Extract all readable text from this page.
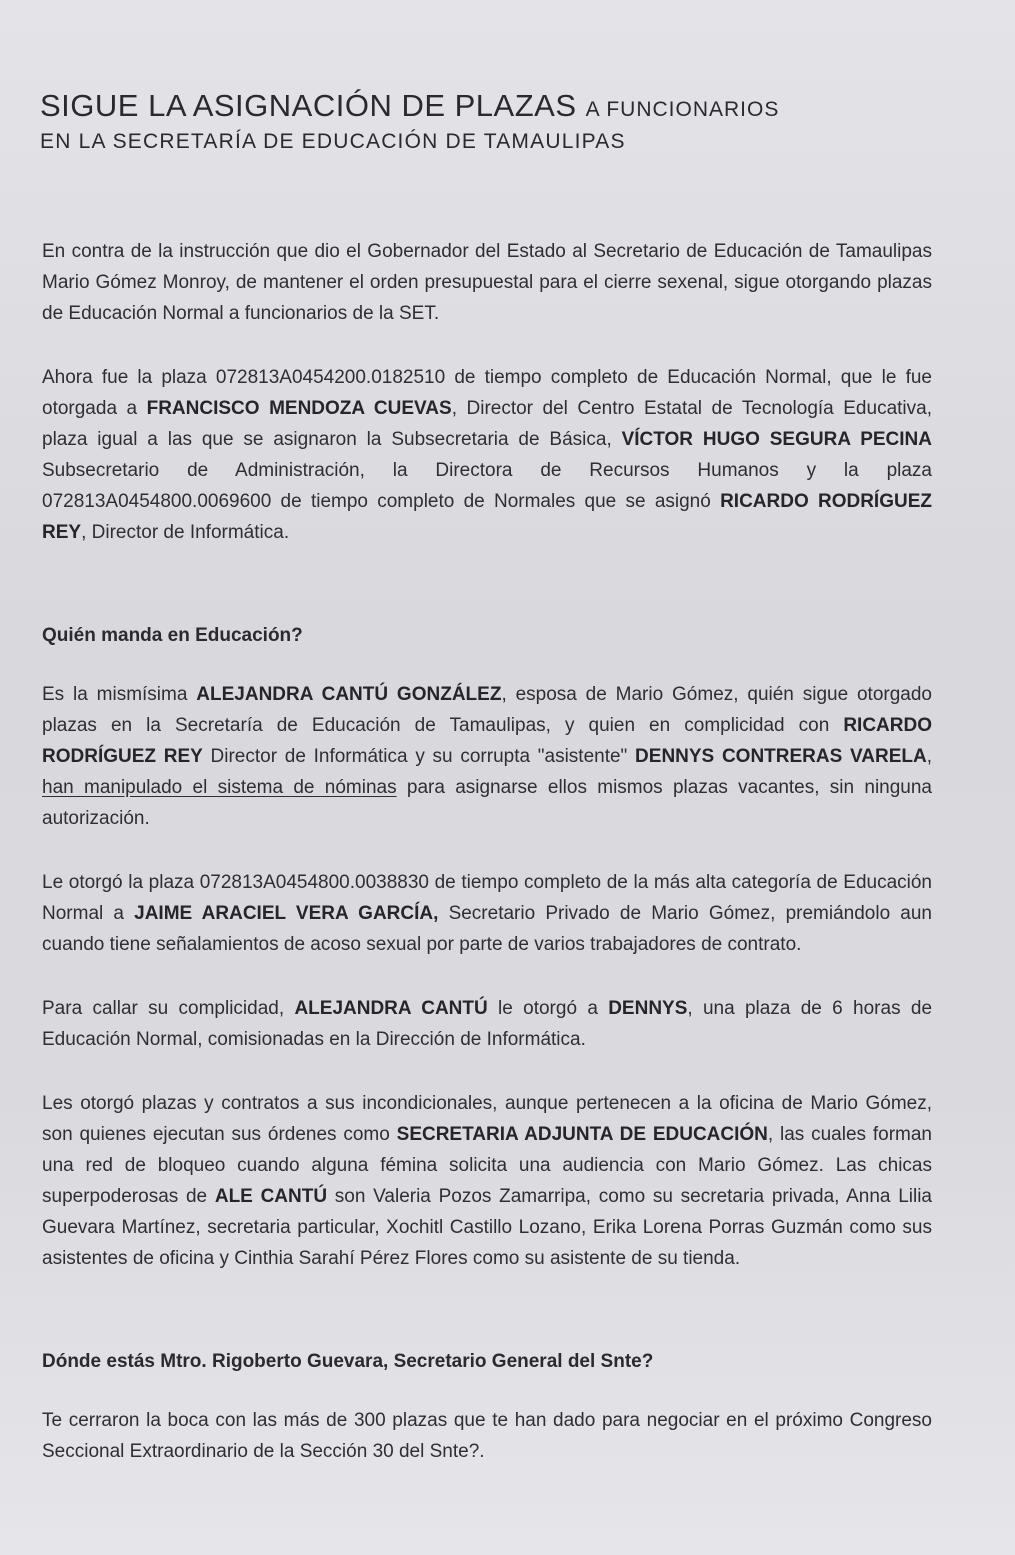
SIGUE LA ASIGNACIÓN DE PLAZAS A FUNCIONARIOS
EN LA SECRETARÍA DE EDUCACIÓN DE TAMAULIPAS

En contra de la instrucción que dio el Gobernador del Estado al Secretario de Educación de Tamaulipas Mario Gómez Monroy, de mantener el orden presupuestal para el cierre sexenal, sigue otorgando plazas de Educación Normal a funcionarios de la SET.

Ahora fue la plaza 072813A0454200.0182510 de tiempo completo de Educación Normal, que le fue otorgada a FRANCISCO MENDOZA CUEVAS, Director del Centro Estatal de Tecnología Educativa, plaza igual a las que se asignaron la Subsecretaria de Básica, VÍCTOR HUGO SEGURA PECINA Subsecretario de Administración, la Directora de Recursos Humanos y la plaza 072813A0454800.0069600 de tiempo completo de Normales que se asignó RICARDO RODRÍGUEZ REY, Director de Informática.

Quién manda en Educación?

Es la mismísima ALEJANDRA CANTÚ GONZÁLEZ, esposa de Mario Gómez, quién sigue otorgado plazas en la Secretaría de Educación de Tamaulipas, y quien en complicidad con RICARDO RODRÍGUEZ REY Director de Informática y su corrupta "asistente" DENNYS CONTRERAS VARELA, han manipulado el sistema de nóminas para asignarse ellos mismos plazas vacantes, sin ninguna autorización.

Le otorgó la plaza 072813A0454800.0038830 de tiempo completo de la más alta categoría de Educación Normal a JAIME ARACIEL VERA GARCÍA, Secretario Privado de Mario Gómez, premiándolo aun cuando tiene señalamientos de acoso sexual por parte de varios trabajadores de contrato.

Para callar su complicidad, ALEJANDRA CANTÚ le otorgó a DENNYS, una plaza de 6 horas de Educación Normal, comisionadas en la Dirección de Informática.

Les otorgó plazas y contratos a sus incondicionales, aunque pertenecen a la oficina de Mario Gómez, son quienes ejecutan sus órdenes como SECRETARIA ADJUNTA DE EDUCACIÓN, las cuales forman una red de bloqueo cuando alguna fémina solicita una audiencia con Mario Gómez. Las chicas superpoderosas de ALE CANTÚ son Valeria Pozos Zamarripa, como su secretaria privada, Anna Lilia Guevara Martínez, secretaria particular, Xochitl Castillo Lozano, Erika Lorena Porras Guzmán como sus asistentes de oficina y Cinthia Sarahí Pérez Flores como su asistente de su tienda.

Dónde estás Mtro. Rigoberto Guevara, Secretario General del Snte?

Te cerraron la boca con las más de 300 plazas que te han dado para negociar en el próximo Congreso Seccional Extraordinario de la Sección 30 del Snte?.
